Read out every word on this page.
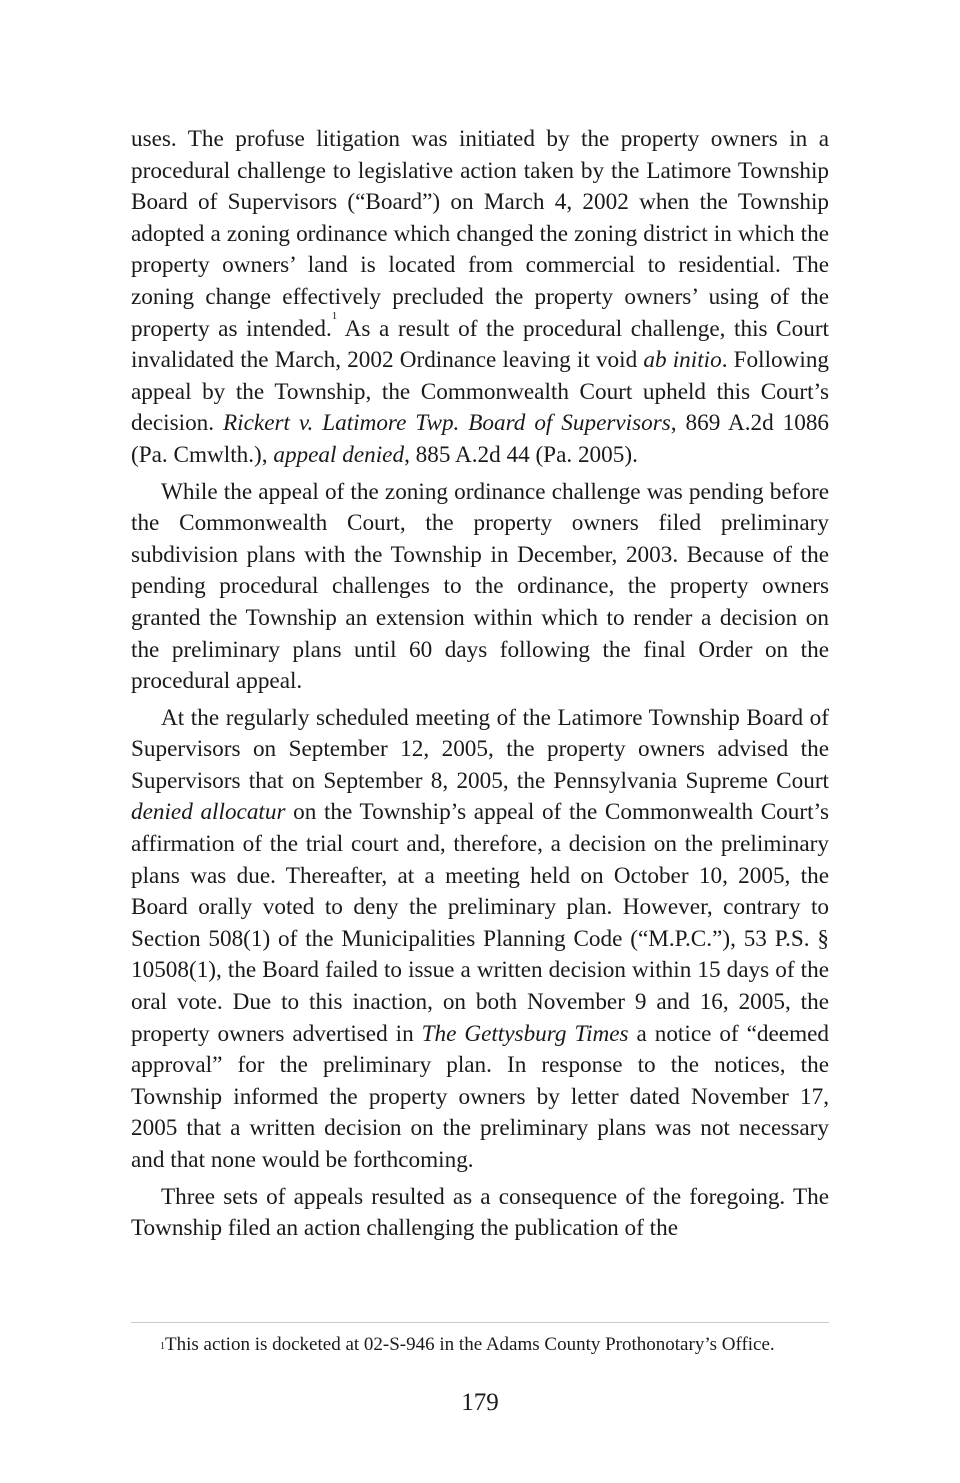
uses. The profuse litigation was initiated by the property owners in a procedural challenge to legislative action taken by the Latimore Township Board of Supervisors (“Board”) on March 4, 2002 when the Township adopted a zoning ordinance which changed the zoning district in which the property owners’ land is located from commercial to residential. The zoning change effectively precluded the property owners’ using of the property as intended.$^1$ As a result of the procedural challenge, this Court invalidated the March, 2002 Ordinance leaving it void ab initio. Following appeal by the Township, the Commonwealth Court upheld this Court’s decision. Rickert v. Latimore Twp. Board of Supervisors, 869 A.2d 1086 (Pa. Cmwlth.), appeal denied, 885 A.2d 44 (Pa. 2005).

While the appeal of the zoning ordinance challenge was pending before the Commonwealth Court, the property owners filed preliminary subdivision plans with the Township in December, 2003. Because of the pending procedural challenges to the ordinance, the property owners granted the Township an extension within which to render a decision on the preliminary plans until 60 days following the final Order on the procedural appeal.

At the regularly scheduled meeting of the Latimore Township Board of Supervisors on September 12, 2005, the property owners advised the Supervisors that on September 8, 2005, the Pennsylvania Supreme Court denied allocatur on the Township’s appeal of the Commonwealth Court’s affirmation of the trial court and, therefore, a decision on the preliminary plans was due. Thereafter, at a meeting held on October 10, 2005, the Board orally voted to deny the preliminary plan. However, contrary to Section 508(1) of the Municipalities Planning Code (“M.P.C.”), 53 P.S. § 10508(1), the Board failed to issue a written decision within 15 days of the oral vote. Due to this inaction, on both November 9 and 16, 2005, the property owners advertised in The Gettysburg Times a notice of “deemed approval” for the preliminary plan. In response to the notices, the Township informed the property owners by letter dated November 17, 2005 that a written decision on the preliminary plans was not necessary and that none would be forthcoming.

Three sets of appeals resulted as a consequence of the foregoing. The Township filed an action challenging the publication of the

$^1$This action is docketed at 02-S-946 in the Adams County Prothonotary’s Office.
179
